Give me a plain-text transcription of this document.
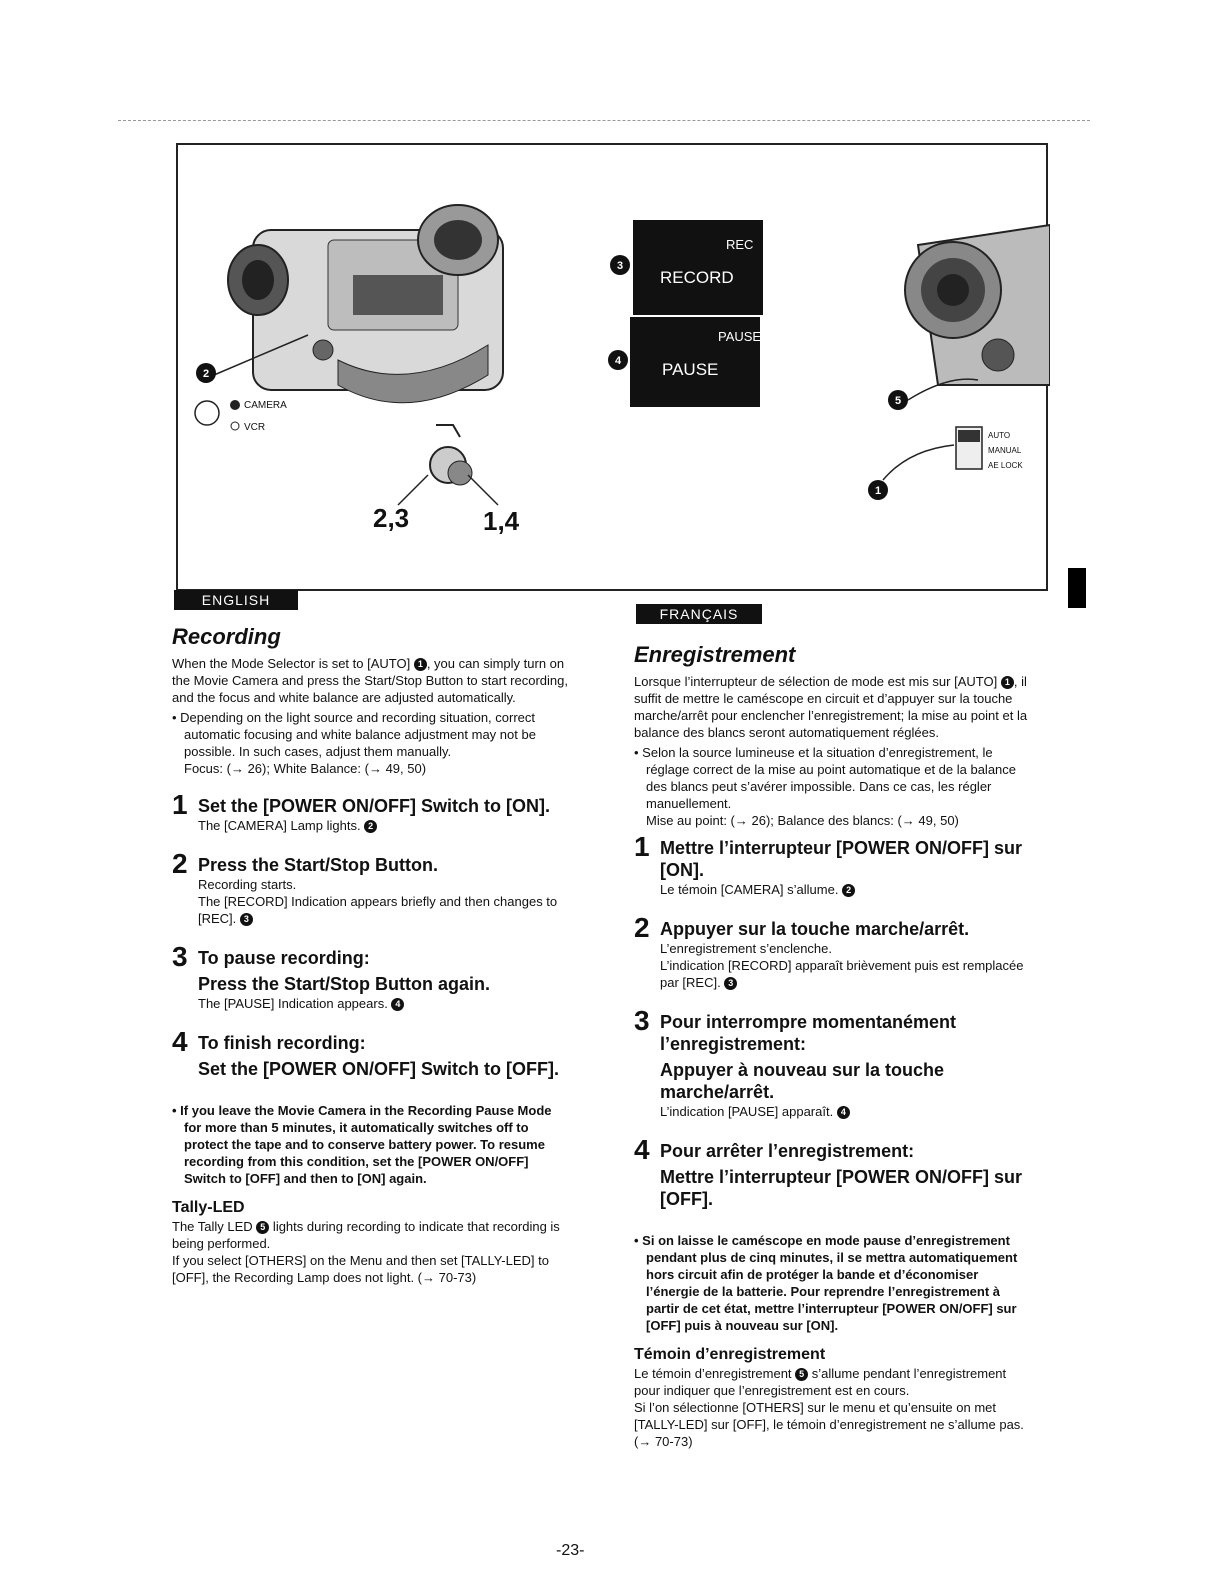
CAMERA
VCR
2
2,3	1,4
REC
RECORD
3
PAUSE
PAUSE
4
5
AUTO
MANUAL
AE LOCK
1
ENGLISH
Recording

When the Mode Selector is set to [AUTO] 1 , you can simply turn on the Movie Camera and press the Start/Stop Button to start recording, and the focus and white balance are adjusted automatically.

• Depending on the light source and recording situation, correct automatic focusing and white balance adjustment may not be possible. In such cases, adjust them manually.

Focus: (→ 26); White Balance: (→ 49, 50)

1 Set the [POWER ON/OFF] Switch to [ON].
The [CAMERA] Lamp lights. 2
2 Press the Start/Stop Button.
Recording starts.
The [RECORD] Indication appears briefly and then changes to [REC]. 3
3 To pause recording:
Press the Start/Stop Button again.
The [PAUSE] Indication appears. 4
4 To finish recording:
Set the [POWER ON/OFF] Switch to [OFF].

• If you leave the Movie Camera in the Recording Pause Mode for more than 5 minutes, it automatically switches off to protect the tape and to conserve battery power. To resume recording from this condition, set the [POWER ON/OFF] Switch to [OFF] and then to [ON] again.

Tally-LED

The Tally LED 5 lights during recording to indicate that recording is being performed.
If you select [OTHERS] on the Menu and then set [TALLY-LED] to [OFF], the Recording Lamp does not light. (→ 70-73)

FRANÇAIS
Enregistrement

Lorsque l’interrupteur de sélection de mode est mis sur [AUTO] 1 , il suffit de mettre le caméscope en circuit et d’appuyer sur la touche marche/arrêt pour enclencher l’enregistrement; la mise au point et la balance des blancs seront automatiquement réglées.

• Selon la source lumineuse et la situation d’enregistrement, le réglage correct de la mise au point automatique et de la balance des blancs peut s’avérer impossible. Dans ce cas, les régler manuellement.

Mise au point: (→ 26); Balance des blancs: (→ 49, 50)

1 Mettre l’interrupteur [POWER ON/OFF] sur [ON].
Le témoin [CAMERA] s’allume. 2
2 Appuyer sur la touche marche/arrêt.
L’enregistrement s’enclenche.
L’indication [RECORD] apparaît brièvement puis est remplacée par [REC]. 3
3 Pour interrompre momentanément l’enregistrement:
Appuyer à nouveau sur la touche marche/arrêt.
L’indication [PAUSE] apparaît. 4
4 Pour arrêter l’enregistrement:
Mettre l’interrupteur [POWER ON/OFF] sur [OFF].

• Si on laisse le caméscope en mode pause d’enregistrement pendant plus de cinq minutes, il se mettra automatiquement hors circuit afin de protéger la bande et d’économiser l’énergie de la batterie. Pour reprendre l’enregistrement à partir de cet état, mettre l’interrupteur [POWER ON/OFF] sur [OFF] puis à nouveau sur [ON].

Témoin d’enregistrement

Le témoin d’enregistrement 5 s’allume pendant l’enregistrement pour indiquer que l’enregistrement est en cours.
Si l’on sélectionne [OTHERS] sur le menu et qu’ensuite on met [TALLY-LED] sur [OFF], le témoin d’enregistrement ne s’allume pas. (→ 70-73)

-23-
